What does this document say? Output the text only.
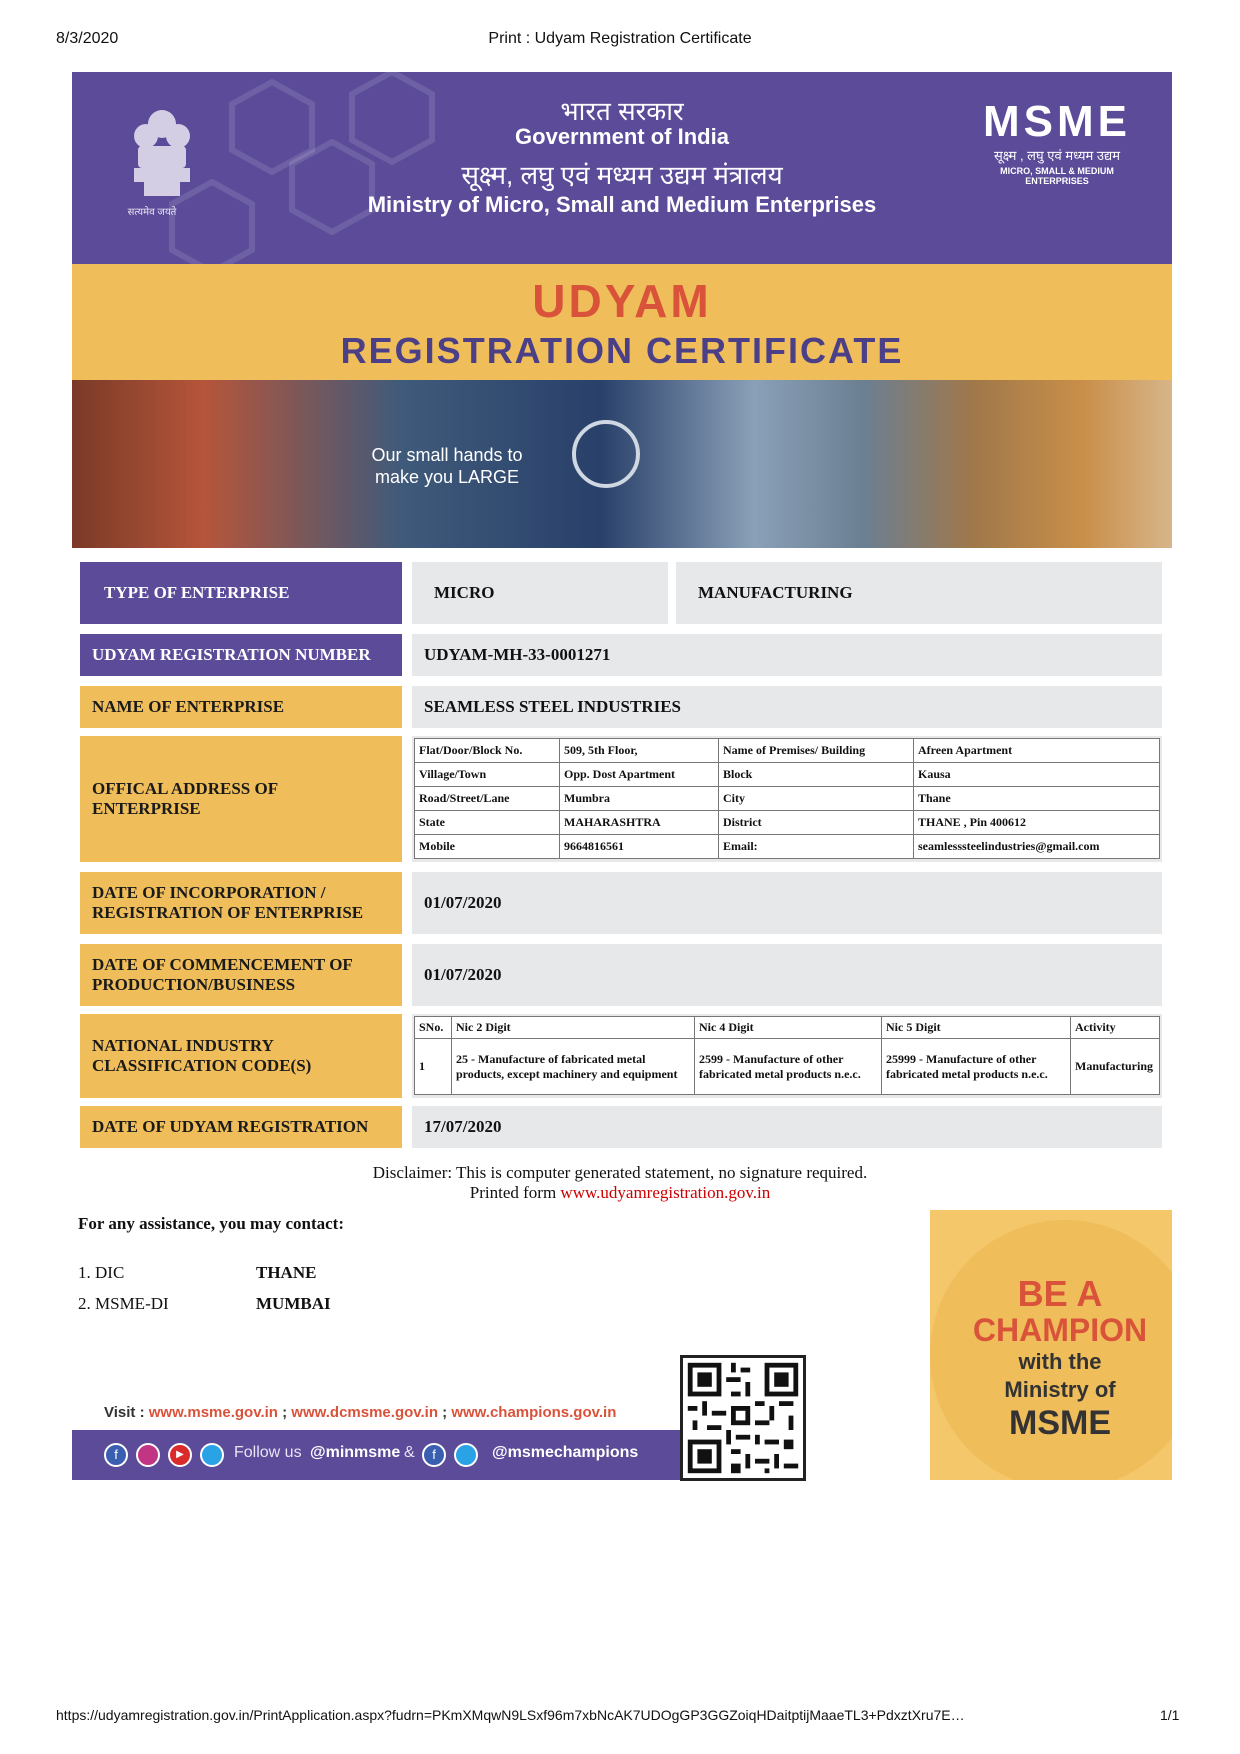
8/3/2020	Print : Udyam Registration Certificate
सत्यमेव जयते
भारत सरकार
Government of India
सूक्ष्म, लघु एवं मध्यम उद्यम मंत्रालय
Ministry of Micro, Small and Medium Enterprises
MSME
सूक्ष्म , लघु एवं मध्यम उद्यम
MICRO, SMALL & MEDIUM ENTERPRISES
UDYAM
REGISTRATION CERTIFICATE
Our small hands to
make you LARGE
TYPE OF ENTERPRISE	MICRO	MANUFACTURING
UDYAM REGISTRATION NUMBER	UDYAM-MH-33-0001271
NAME OF ENTERPRISE	SEAMLESS STEEL INDUSTRIES
OFFICAL ADDRESS OF ENTERPRISE
Flat/Door/Block No.	509, 5th Floor,	Name of Premises/ Building	Afreen Apartment
Village/Town	Opp. Dost Apartment	Block	Kausa
Road/Street/Lane	Mumbra	City	Thane
State	MAHARASHTRA	District	THANE , Pin 400612
Mobile	9664816561	Email:	seamlesssteelindustries@gmail.com
DATE OF INCORPORATION / REGISTRATION OF ENTERPRISE
01/07/2020
DATE OF COMMENCEMENT OF PRODUCTION/BUSINESS
01/07/2020
NATIONAL INDUSTRY CLASSIFICATION CODE(S)
SNo.	Nic 2 Digit	Nic 4 Digit	Nic 5 Digit	Activity
1	25 - Manufacture of fabricated metal products, except machinery and equipment	2599 - Manufacture of other fabricated metal products n.e.c.	25999 - Manufacture of other fabricated metal products n.e.c.	Manufacturing
DATE OF UDYAM REGISTRATION	17/07/2020
Disclaimer: This is computer generated statement, no signature required.
Printed form www.udyamregistration.gov.in
For any assistance, you may contact:
1. DIC	THANE
2. MSME-DI	MUMBAI	BE A
CHAMPION
with the
Ministry of
MSME
Visit : www.msme.gov.in ; www.dcmsme.gov.in ; www.champions.gov.in
f	▶	Follow us @minmsme &	f	@msmechampions
https://udyamregistration.gov.in/PrintApplication.aspx?fudrn=PKmXMqwN9LSxf96m7xbNcAK7UDOgGP3GGZoiqHDaitptijMaaeTL3+PdxztXru7E…	1/1
